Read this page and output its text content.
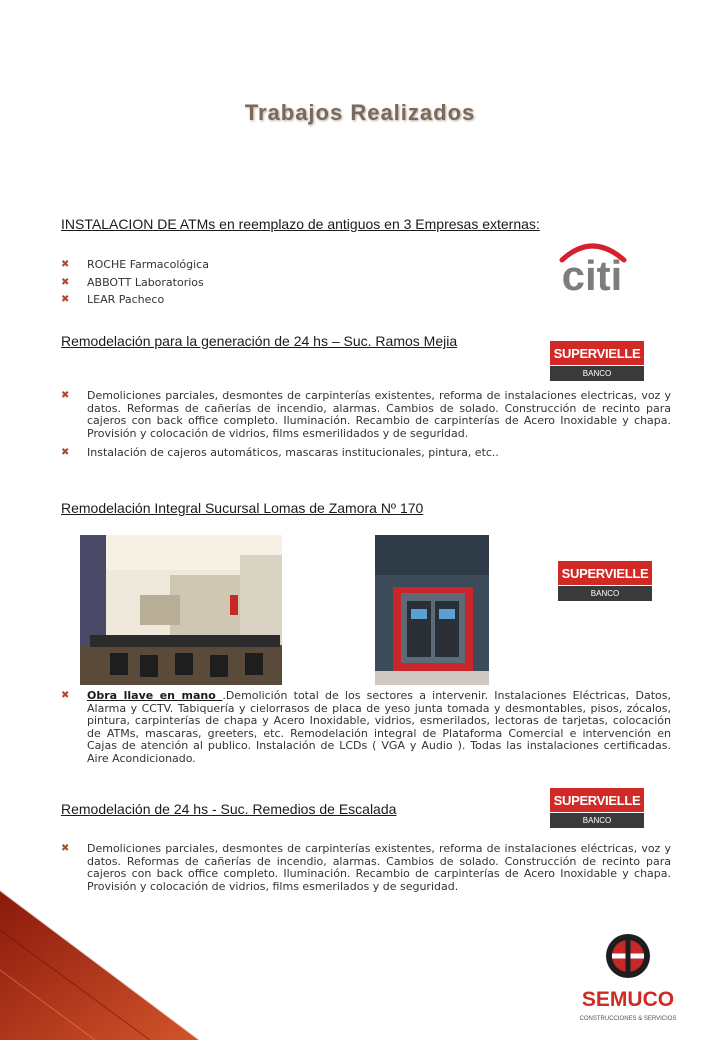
Trabajos Realizados
INSTALACION DE ATMs en reemplazo de antiguos en 3 Empresas externas:
✖ ROCHE Farmacológica
✖ ABBOTT Laboratorios
✖ LEAR Pacheco
citi
Remodelación para la generación de 24 hs – Suc. Ramos Mejia
SUPERVIELLE
BANCO
✖ Demoliciones parciales, desmontes de carpinterías existentes, reforma de instalaciones electricas, voz y datos. Reformas de cañerías de incendio, alarmas. Cambios de solado. Construcción de recinto para cajeros con back office completo. Iluminación. Recambio de carpinterías de Acero Inoxidable y chapa. Provisión y colocación de vidrios, films esmerilidados y de seguridad.
✖ Instalación de cajeros automáticos, mascaras institucionales, pintura, etc..
Remodelación Integral Sucursal Lomas de Zamora Nº 170
SUPERVIELLE
BANCO
✖ Obra llave en mano .Demolición total de los sectores a intervenir. Instalaciones Eléctricas, Datos, Alarma y CCTV. Tabiquería y cielorrasos de placa de yeso junta tomada y desmontables, pisos, zócalos, pintura, carpinterías de chapa y Acero Inoxidable, vidrios, esmerilados, lectoras de tarjetas, colocación de ATMs, mascaras, greeters, etc. Remodelación integral de Plataforma Comercial e intervención en Cajas de atención al publico. Instalación de LCDs ( VGA y Audio ). Todas las instalaciones certificadas. Aire Acondicionado.
Remodelación de 24 hs - Suc. Remedios de Escalada
SUPERVIELLE
BANCO
✖ Demoliciones parciales, desmontes de carpinterías existentes, reforma de instalaciones eléctricas, voz y datos. Reformas de cañerías de incendio, alarmas. Cambios de solado. Construcción de recinto para cajeros con back office completo. Iluminación. Recambio de carpinterías de Acero Inoxidable y chapa. Provisión y colocación de vidrios, films esmerilados y de seguridad.
SEMUCO
CONSTRUCCIONES & SERVICIOS
